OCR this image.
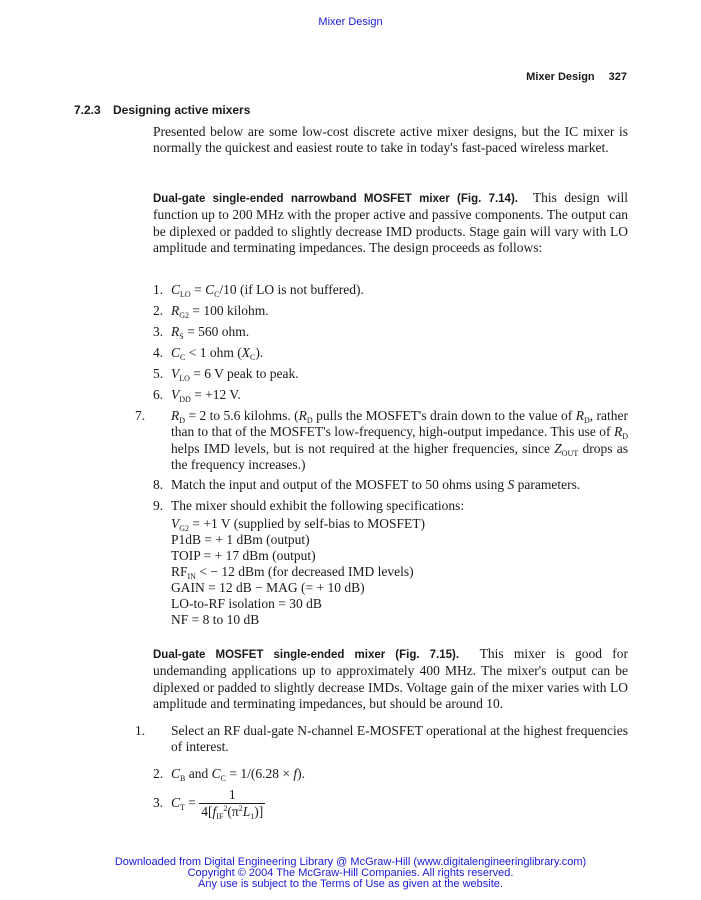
Mixer Design
Mixer Design 327
7.2.3 Designing active mixers
Presented below are some low-cost discrete active mixer designs, but the IC mixer is normally the quickest and easiest route to take in today's fast-paced wireless market.
Dual-gate single-ended narrowband MOSFET mixer (Fig. 7.14). This design will function up to 200 MHz with the proper active and passive components. The output can be diplexed or padded to slightly decrease IMD products. Stage gain will vary with LO amplitude and terminating impedances. The design proceeds as follows:
1. $C_{LO} = C_C/10$ (if LO is not buffered).
2. $R_{G2} = 100$ kilohm.
3. $R_S = 560$ ohm.
4. $C_C < 1$ ohm $(X_C)$.
5. $V_{LO} = 6$ V peak to peak.
6. $V_{DD} = +12$ V.
7. $R_D = 2$ to 5.6 kilohms. ($R_D$ pulls the MOSFET's drain down to the value of $R_D$, rather than to that of the MOSFET's low-frequency, high-output impedance. This use of $R_D$ helps IMD levels, but is not required at the higher frequencies, since $Z_{OUT}$ drops as the frequency increases.)
8. Match the input and output of the MOSFET to 50 ohms using S parameters.
9. The mixer should exhibit the following specifications:
$V_{G2} = +1$ V (supplied by self-bias to MOSFET)
P1dB = + 1 dBm (output)
TOIP = + 17 dBm (output)
$RF_{IN}$ < − 12 dBm (for decreased IMD levels)
GAIN = 12 dB − MAG (= + 10 dB)
LO-to-RF isolation = 30 dB
NF = 8 to 10 dB
Dual-gate MOSFET single-ended mixer (Fig. 7.15). This mixer is good for undemanding applications up to approximately 400 MHz. The mixer's output can be diplexed or padded to slightly decrease IMDs. Voltage gain of the mixer varies with LO amplitude and terminating impedances, but should be around 10.
1. Select an RF dual-gate N-channel E-MOSFET operational at the highest frequencies of interest.
2. $C_B$ and $C_C = 1/(6.28 \times f)$.
3. $C_T = \frac{1}{4[f_{IF}^2(\pi^2L_1)]}$
Downloaded from Digital Engineering Library @ McGraw-Hill (www.digitalengineeringlibrary.com)
Copyright © 2004 The McGraw-Hill Companies. All rights reserved.
Any use is subject to the Terms of Use as given at the website.
